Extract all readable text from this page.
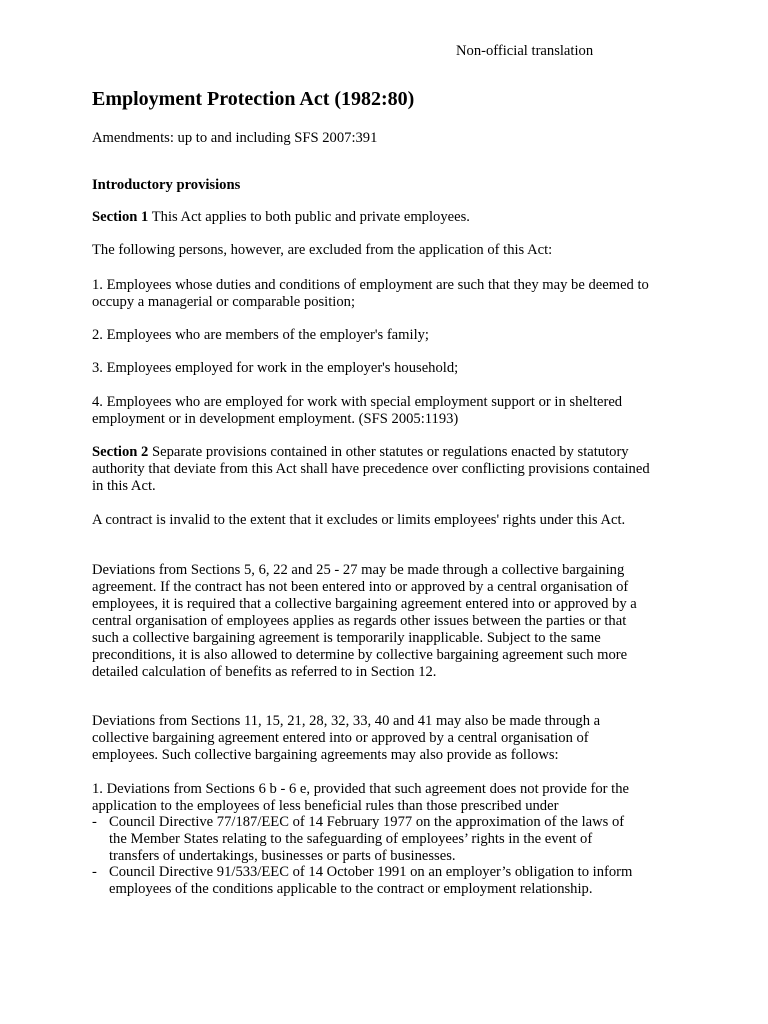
Non-official translation
Employment Protection Act (1982:80)

Amendments: up to and including SFS 2007:391

Introductory provisions

Section 1 This Act applies to both public and private employees.

The following persons, however, are excluded from the application of this Act:

1. Employees whose duties and conditions of employment are such that they may be deemed to occupy a managerial or comparable position;

2. Employees who are members of the employer's family;

3. Employees employed for work in the employer's household;

4. Employees who are employed for work with special employment support or in sheltered employment or in development employment. (SFS 2005:1193)

Section 2 Separate provisions contained in other statutes or regulations enacted by statutory authority that deviate from this Act shall have precedence over conflicting provisions contained in this Act.

A contract is invalid to the extent that it excludes or limits employees' rights under this Act.

Deviations from Sections 5, 6, 22 and 25 - 27 may be made through a collective bargaining agreement. If the contract has not been entered into or approved by a central organisation of employees, it is required that a collective bargaining agreement entered into or approved by a central organisation of employees applies as regards other issues between the parties or that such a collective bargaining agreement is temporarily inapplicable. Subject to the same preconditions, it is also allowed to determine by collective bargaining agreement such more detailed calculation of benefits as referred to in Section 12.

Deviations from Sections 11, 15, 21, 28, 32, 33, 40 and 41 may also be made through a collective bargaining agreement entered into or approved by a central organisation of employees. Such collective bargaining agreements may also provide as follows:

1. Deviations from Sections 6 b - 6 e, provided that such agreement does not provide for the application to the employees of less beneficial rules than those prescribed under

- Council Directive 77/187/EEC of 14 February 1977 on the approximation of the laws of the Member States relating to the safeguarding of employees’ rights in the event of transfers of undertakings, businesses or parts of businesses.
- Council Directive 91/533/EEC of 14 October 1991 on an employer’s obligation to inform employees of the conditions applicable to the contract or employment relationship.
